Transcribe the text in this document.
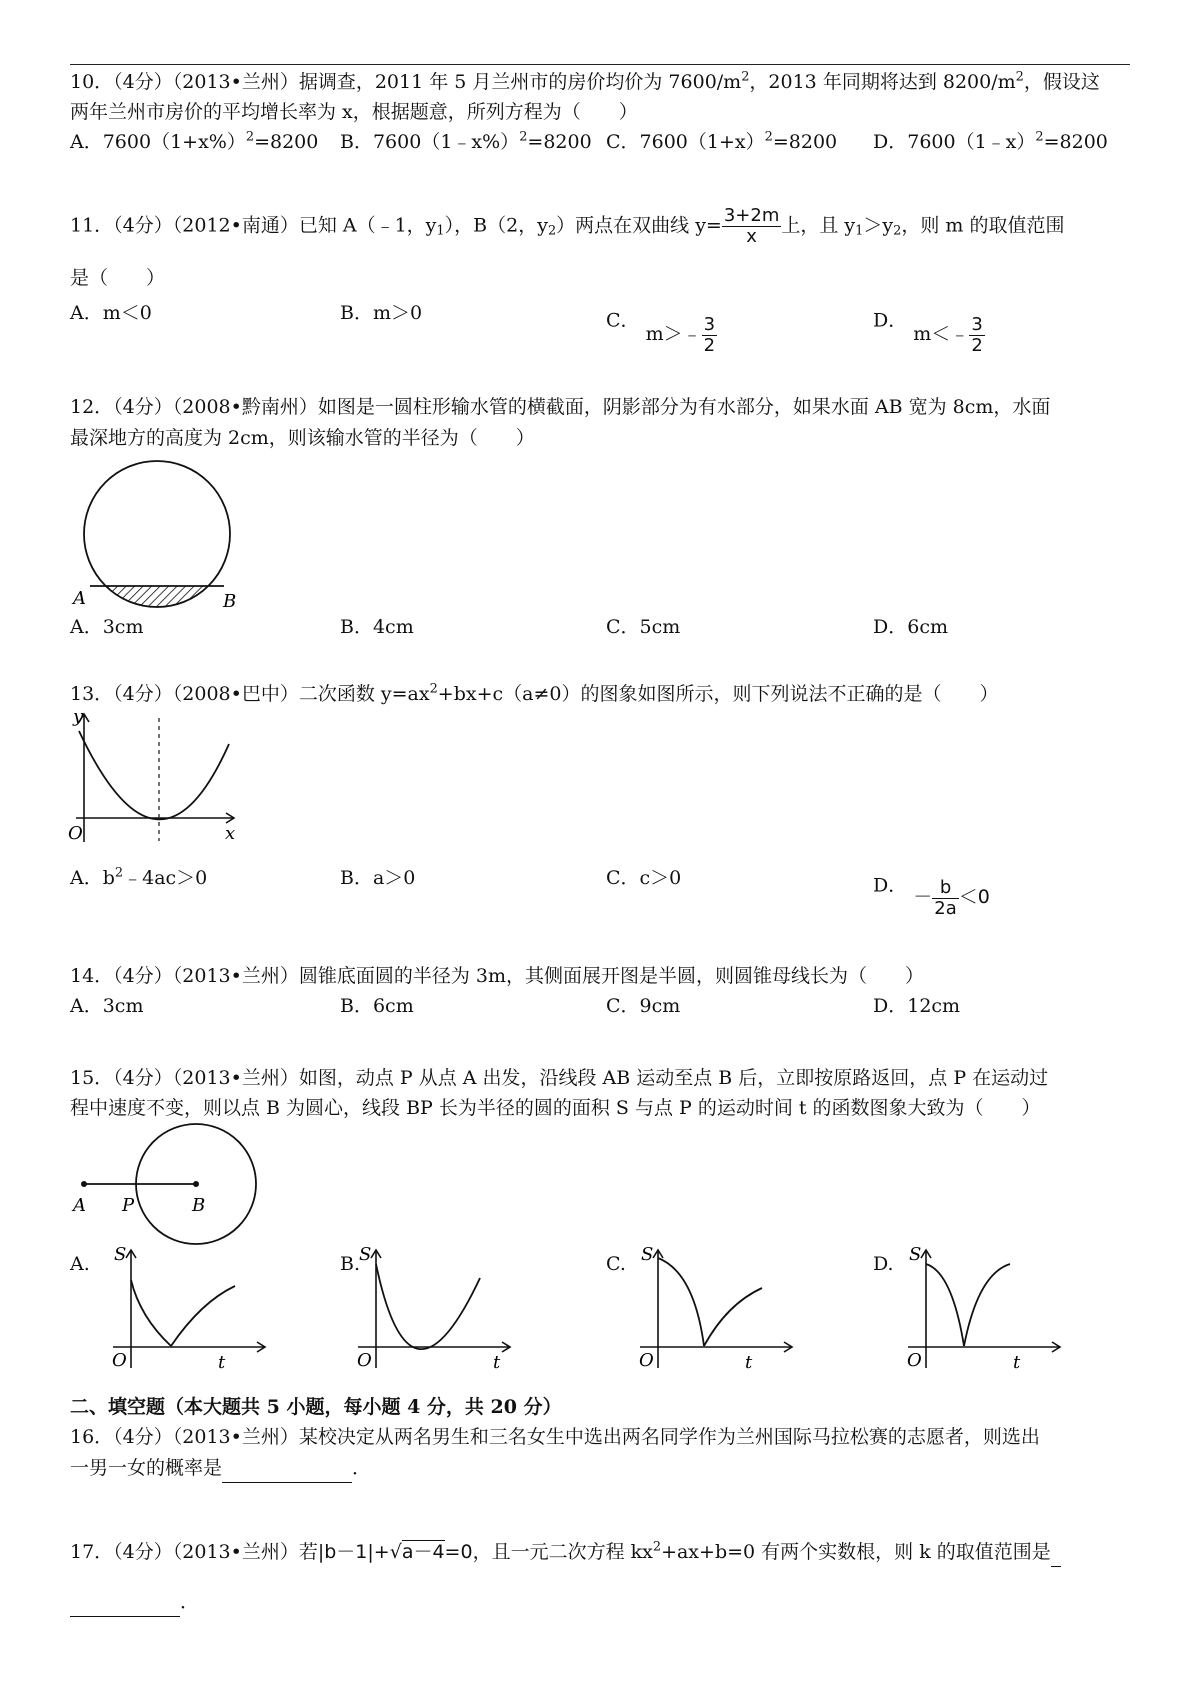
10．（4分）（2013•兰州）据调查，2011 年 5 月兰州市的房价均价为 $7600/m^2$，2013 年同期将达到 $8200/m^2$，假设这
两年兰州市房价的平均增长率为 x，根据题意，所列方程为（　　）
A．$7600(1+x\%)^2=8200$ B．7600（1﹣x%）$^2$=8200 C．$7600(1+x)^2=8200$ D．7600（1﹣x）$^2$=8200
11．（4分）（2012•南通）已知 A（﹣1，$y_1$），B（2，$y_2$）两点在双曲线 $y= \frac{3+2m}{x}$ 上，且 $y_1>y_2$，则 m 的取值范围
是（　　）
A．m＜0	B．m＞0	C． m＞﹣ $\frac{3}{2}$	D． m＜﹣ $\frac{3}{2}$
12．（4分）（2008•黔南州）如图是一圆柱形输水管的横截面，阴影部分为有水部分，如果水面 AB 宽为 8cm，水面
最深地方的高度为 2cm，则该输水管的半径为（　　）
A	B
A．3cm	B．4cm	C．5cm	D．6cm
13．（4分）（2008•巴中）二次函数 $y=ax^2+bx+c(a\ne 0)$的图象如图所示，则下列说法不正确的是（　　）
y
x
O
A．$b^2﹣4ac>0$	B．a＞0	C．c＞0	D． － $\frac{b}{2a} <0$
14．（4分）（2013•兰州）圆锥底面圆的半径为 3m，其侧面展开图是半圆，则圆锥母线长为（　　）
A．3cm	B．6cm	C．9cm	D．12cm
15．（4分）（2013•兰州）如图，动点 P 从点 A 出发，沿线段 AB 运动至点 B 后，立即按原路返回，点 P 在运动过
程中速度不变，则以点 B 为圆心，线段 BP 长为半径的圆的面积 S 与点 P 的运动时间 t 的函数图象大致为（　　）
A P	B
A. S
t
O
B.
S
t
O
C. S
t
O
D. S
t
O
二、填空题（本大题共 5 小题，每小题 4 分，共 20 分）
16．（4分）（2013•兰州）某校决定从两名男生和三名女生中选出两名同学作为兰州国际马拉松赛的志愿者，则选出
一男一女的概率是	．
17．（4分）（2013•兰州）若|b－1|+√a－4=0，且一元二次方程 $kx^2+ax+b=0$ 有两个实数根，则 k 的取值范围是
．
